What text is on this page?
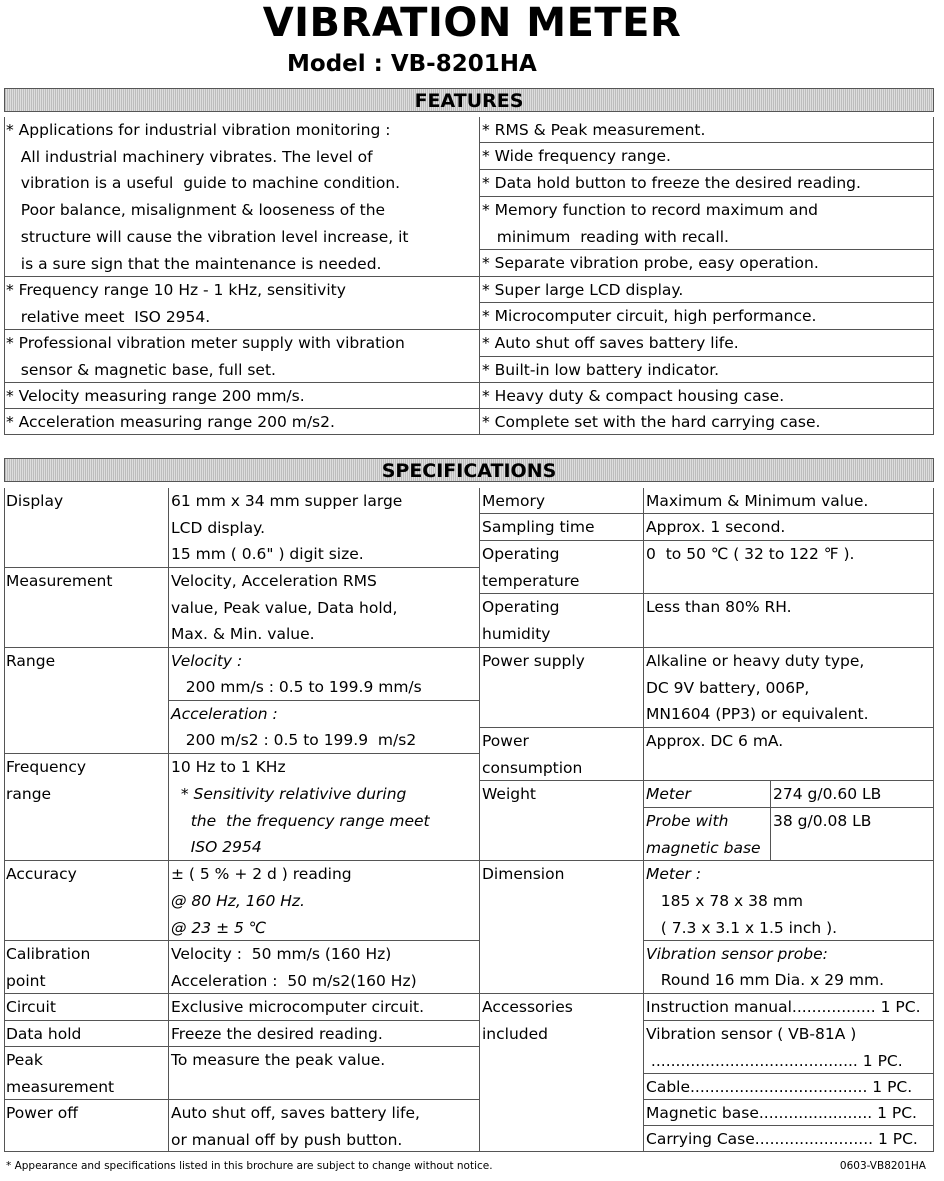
VIBRATION METER
Model : VB-8201HA
FEATURES
* Applications for industrial vibration monitoring :
All industrial machinery vibrates. The level of
vibration is a useful  guide to machine condition.
Poor balance, misalignment & looseness of the
structure will cause the vibration level increase, it
is a sure sign that the maintenance is needed.
* Frequency range 10 Hz - 1 kHz, sensitivity
relative meet  ISO 2954.
* Professional vibration meter supply with vibration
sensor & magnetic base, full set.
* Velocity measuring range 200 mm/s.
* Acceleration measuring range 200 m/s2.
* RMS & Peak measurement.
* Wide frequency range.
* Data hold button to freeze the desired reading.
* Memory function to record maximum and
minimum  reading with recall.
* Separate vibration probe, easy operation.
* Super large LCD display.
* Microcomputer circuit, high performance.
* Auto shut off saves battery life.
* Built-in low battery indicator.
* Heavy duty & compact housing case.
* Complete set with the hard carrying case.
SPECIFICATIONS
Display
Measurement
Range
Frequency
range
Accuracy
Calibration
point
Circuit
Data hold
Peak
measurement
Power off
61 mm x 34 mm supper large
LCD display.
15 mm ( 0.6" ) digit size.
Velocity, Acceleration RMS
value, Peak value, Data hold,
Max. & Min. value.
Velocity :
200 mm/s : 0.5 to 199.9 mm/s
Acceleration :
200 m/s2 : 0.5 to 199.9  m/s2
10 Hz to 1 KHz
* Sensitivity relativive during
the  the frequency range meet
ISO 2954
± ( 5 % + 2 d ) reading
@ 80 Hz, 160 Hz.
@ 23 ± 5 ℃
Velocity :  50 mm/s (160 Hz)
Acceleration :  50 m/s2(160 Hz)
Exclusive microcomputer circuit.
Freeze the desired reading.
To measure the peak value.
Auto shut off, saves battery life,
or manual off by push button.
Memory
Sampling time
Operating
temperature
Operating
humidity
Power supply
Power
consumption
Weight
Dimension
Accessories
included
Maximum & Minimum value.
Approx. 1 second.
0  to 50 ℃ ( 32 to 122 ℉ ).
Less than 80% RH.
Alkaline or heavy duty type,
DC 9V battery, 006P,
MN1604 (PP3) or equivalent.
Approx. DC 6 mA.
Meter	274 g/0.60 LB
Probe with
magnetic base
38 g/0.08 LB
Meter :
185 x 78 x 38 mm
( 7.3 x 3.1 x 1.5 inch ).
Vibration sensor probe:
Round 16 mm Dia. x 29 mm.
Instruction manual................. 1 PC.
Vibration sensor ( VB-81A )
.......................................... 1 PC.
Cable.................................... 1 PC.
Magnetic base....................... 1 PC.
Carrying Case........................ 1 PC.
* Appearance and specifications listed in this brochure are subject to change without notice.	0603-VB8201HA
